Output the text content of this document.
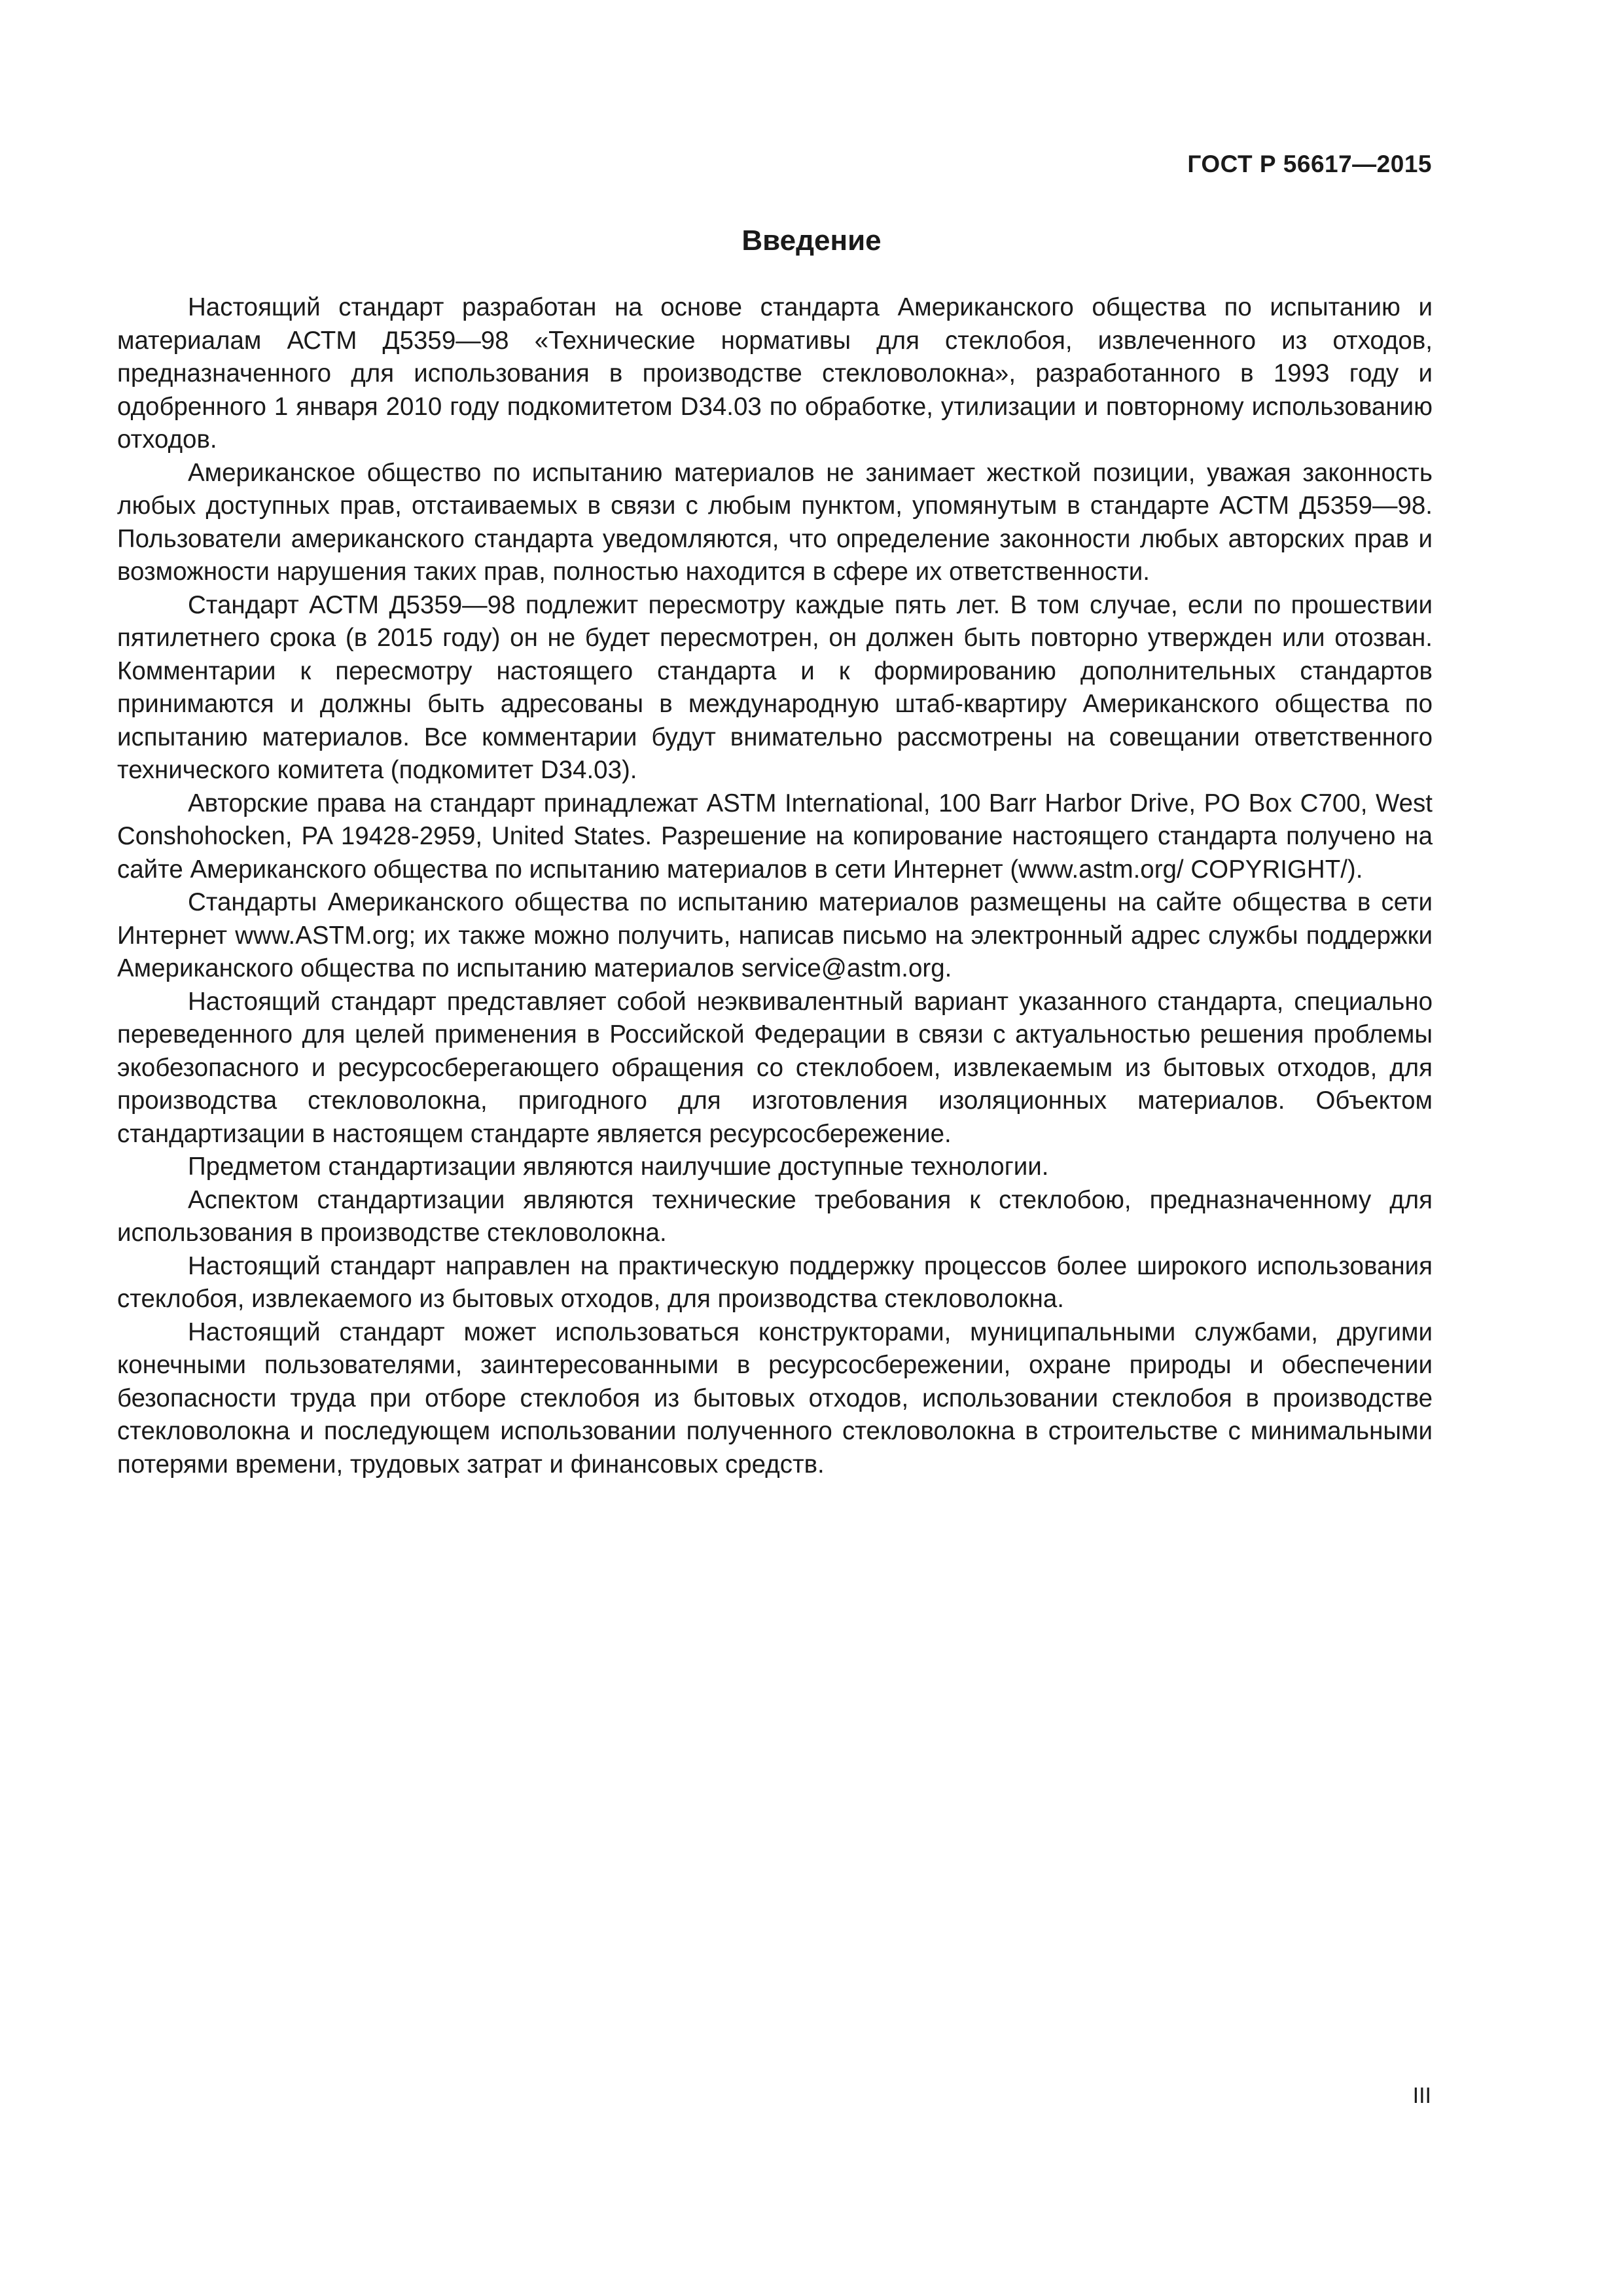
ГОСТ Р 56617—2015
Введение

Настоящий стандарт разработан на основе стандарта Американского общества по испытанию и материалам АСТМ Д5359—98 «Технические нормативы для стеклобоя, извлеченного из отходов, предназначенного для использования в производстве стекловолокна», разработанного в 1993 году и одобренного 1 января 2010 году подкомитетом D34.03 по обработке, утилизации и повторному использованию отходов.

Американское общество по испытанию материалов не занимает жесткой позиции, уважая законность любых доступных прав, отстаиваемых в связи с любым пунктом, упомянутым в стандарте АСТМ Д5359—98. Пользователи американского стандарта уведомляются, что определение законности любых авторских прав и возможности нарушения таких прав, полностью находится в сфере их ответственности.

Стандарт АСТМ Д5359—98 подлежит пересмотру каждые пять лет. В том случае, если по прошествии пятилетнего срока (в 2015 году) он не будет пересмотрен, он должен быть повторно утвержден или отозван. Комментарии к пересмотру настоящего стандарта и к формированию дополнительных стандартов принимаются и должны быть адресованы в международную штаб-квартиру Американского общества по испытанию материалов. Все комментарии будут внимательно рассмотрены на совещании ответственного технического комитета (подкомитет D34.03).

Авторские права на стандарт принадлежат ASTM International, 100 Barr Harbor Drive, PO Box C700, West Conshohocken, PA 19428-2959, United States. Разрешение на копирование настоящего стандарта получено на сайте Американского общества по испытанию материалов в сети Интернет (www.astm.org/ COPYRIGHT/).

Стандарты Американского общества по испытанию материалов размещены на сайте общества в сети Интернет www.ASTM.org; их также можно получить, написав письмо на электронный адрес службы поддержки Американского общества по испытанию материалов service@astm.org.

Настоящий стандарт представляет собой неэквивалентный вариант указанного стандарта, специально переведенного для целей применения в Российской Федерации в связи с актуальностью решения проблемы экобезопасного и ресурсосберегающего обращения со стеклобоем, извлекаемым из бытовых отходов, для производства стекловолокна, пригодного для изготовления изоляционных материалов. Объектом стандартизации в настоящем стандарте является ресурсосбережение.

Предметом стандартизации являются наилучшие доступные технологии.

Аспектом стандартизации являются технические требования к стеклобою, предназначенному для использования в производстве стекловолокна.

Настоящий стандарт направлен на практическую поддержку процессов более широкого использования стеклобоя, извлекаемого из бытовых отходов, для производства стекловолокна.

Настоящий стандарт может использоваться конструкторами, муниципальными службами, другими конечными пользователями, заинтересованными в ресурсосбережении, охране природы и обеспечении безопасности труда при отборе стеклобоя из бытовых отходов, использовании стеклобоя в производстве стекловолокна и последующем использовании полученного стекловолокна в строительстве с минимальными потерями времени, трудовых затрат и финансовых средств.

III
